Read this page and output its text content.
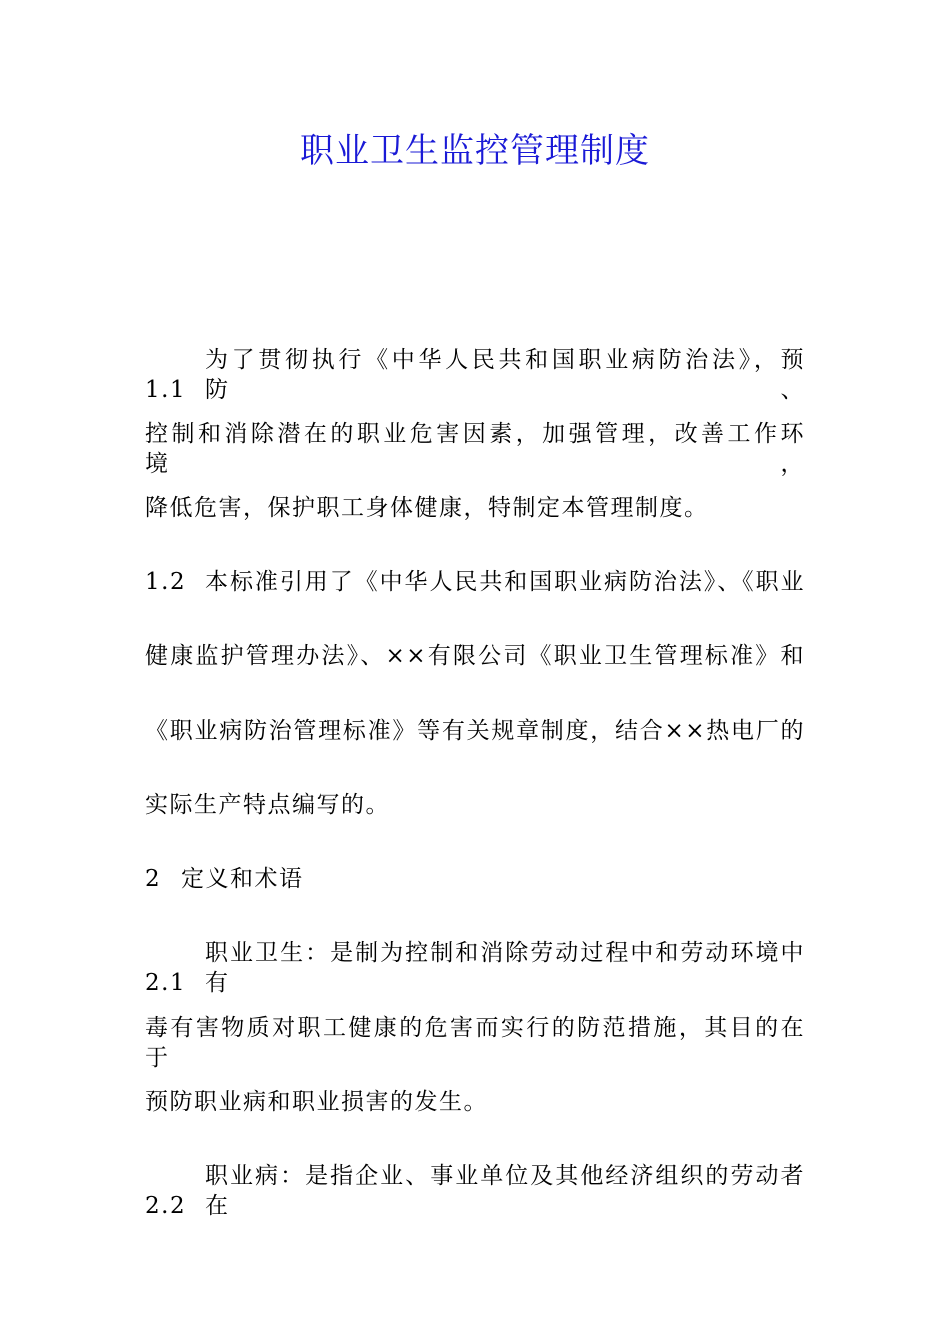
职业卫生监控管理制度
1.1为了贯彻执行《中华人民共和国职业病防治法》，预防、
控制和消除潜在的职业危害因素，加强管理，改善工作环境，
降低危害，保护职工身体健康，特制定本管理制度。
1.2 本标准引用了《中华人民共和国职业病防治法》、《职业
健康监护管理办法》、××有限公司《职业卫生管理标准》和
《职业病防治管理标准》等有关规章制度，结合××热电厂的
实际生产特点编写的。
2 定义和术语
2.1职业卫生：是制为控制和消除劳动过程中和劳动环境中有
毒有害物质对职工健康的危害而实行的防范措施，其目的在于
预防职业病和职业损害的发生。
2.2职业病：是指企业、事业单位及其他经济组织的劳动者在
